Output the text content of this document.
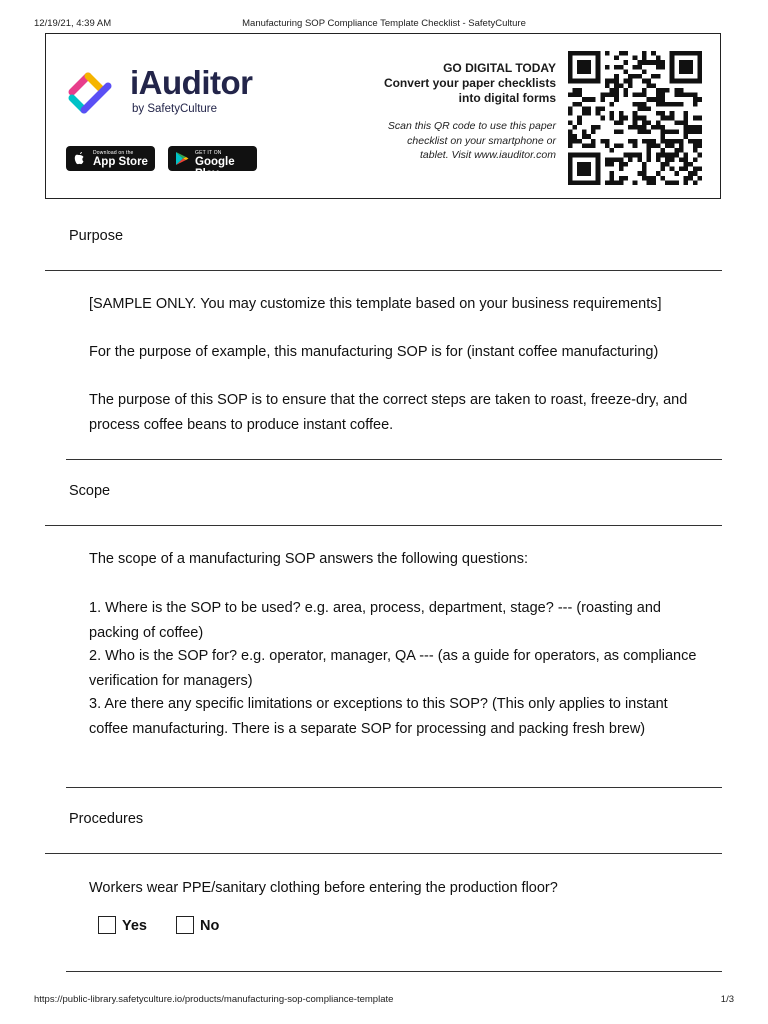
12/19/21, 4:39 AM	Manufacturing SOP Compliance Template Checklist - SafetyCulture
iAuditor
by SafetyCulture
Download on the
App Store
GET IT ON
Google Play
GO DIGITAL TODAY
Convert your paper checklists into digital forms
Scan this QR code to use this paper checklist on your smartphone or tablet. Visit www.iauditor.com
Purpose
[SAMPLE ONLY. You may customize this template based on your business requirements]
For the purpose of example, this manufacturing SOP is for (instant coffee manufacturing)
The purpose of this SOP is to ensure that the correct steps are taken to roast, freeze-dry, and process coffee beans to produce instant coffee.
Scope
The scope of a manufacturing SOP answers the following questions:
1. Where is the SOP to be used? e.g. area, process, department, stage? --- (roasting and packing of coffee)
2. Who is the SOP for? e.g. operator, manager, QA --- (as a guide for operators, as compliance verification for managers)
3. Are there any specific limitations or exceptions to this SOP? (This only applies to instant coffee manufacturing. There is a separate SOP for processing and packing fresh brew)
Procedures
Workers wear PPE/sanitary clothing before entering the production floor?
Yes	No
https://public-library.safetyculture.io/products/manufacturing-sop-compliance-template	1/3
